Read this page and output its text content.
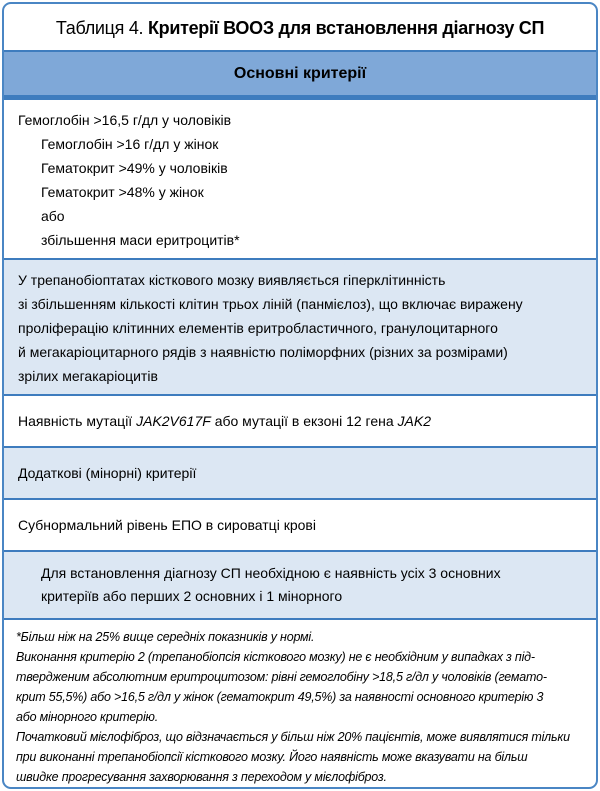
Таблиця 4. Критерії ВООЗ для встановлення діагнозу СП
Основні критерії
Гемоглобін >16,5 г/дл у чоловіків
Гемоглобін >16 г/дл у жінок
Гематокрит >49% у чоловіків
Гематокрит >48% у жінок
або
збільшення маси еритроцитів*
У трепанобіоптатах кісткового мозку виявляється гіперклітинність
зі збільшенням кількості клітин трьох ліній (панмієлоз), що включає виражену
проліферацію клітинних елементів еритробластичного, гранулоцитарного
й мегакаріоцитарного рядів з наявністю поліморфних (різних за розмірами)
зрілих мегакаріоцитів
Наявність мутації JAK2V617F або мутації в екзоні 12 гена JAK2
Додаткові (мінорні) критерії
Субнормальний рівень ЕПО в сироватці крові
Для встановлення діагнозу СП необхідною є наявність усіх 3 основних
критеріїв або перших 2 основних і 1 мінорного
*Більш ніж на 25% вище середніх показників у нормі.
Виконання критерію 2 (трепанобіопсія кісткового мозку) не є необхідним у випадках з під-
твердженим абсолютним еритроцитозом: рівні гемоглобіну >18,5 г/дл у чоловіків (гемато-
крит 55,5%) або >16,5 г/дл у жінок (гематокрит 49,5%) за наявності основного критерію 3
або мінорного критерію.
Початковий мієлофіброз, що відзначається у більш ніж 20% пацієнтів, може виявлятися тільки
при виконанні трепанобіопсії кісткового мозку. Його наявність може вказувати на більш
швидке прогресування захворювання з переходом у мієлофіброз.
